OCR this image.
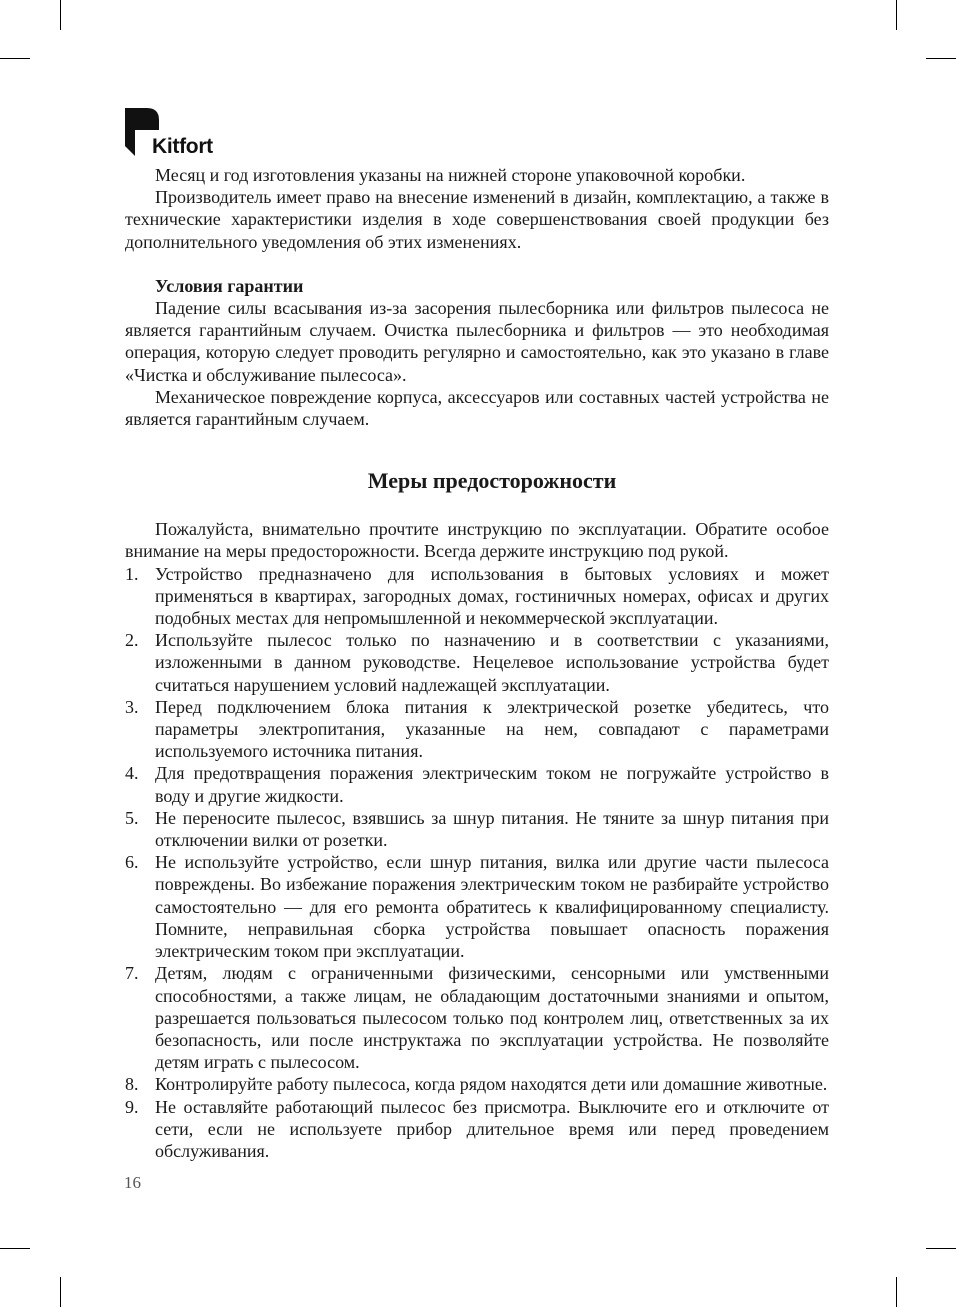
Kitfort

Месяц и год изготовления указаны на нижней стороне упаковочной коробки.

Производитель имеет право на внесение изменений в дизайн, комплектацию, а также в технические характеристики изделия в ходе совершенствования своей продукции без дополнительного уведомления об этих изменениях.

Условия гарантии

Падение силы всасывания из-за засорения пылесборника или фильтров пылесоса не является гарантийным случаем. Очистка пылесборника и фильтров — это необходимая операция, которую следует проводить регулярно и самостоятельно, как это указано в главе «Чистка и обслуживание пылесоса».

Механическое повреждение корпуса, аксессуаров или составных частей устройства не является гарантийным случаем.

Меры предосторожности

Пожалуйста, внимательно прочтите инструкцию по эксплуатации. Обратите особое внимание на меры предосторожности. Всегда держите инструкцию под рукой.

1. Устройство предназначено для использования в бытовых условиях и может применяться в квартирах, загородных домах, гостиничных номерах, офисах и других подобных местах для непромышленной и некоммерческой эксплуатации.
2. Используйте пылесос только по назначению и в соответствии с указаниями, изложенными в данном руководстве. Нецелевое использование устройства будет считаться нарушением условий надлежащей эксплуатации.
3. Перед подключением блока питания к электрической розетке убедитесь, что параметры электропитания, указанные на нем, совпадают с параметрами используемого источника питания.
4. Для предотвращения поражения электрическим током не погружайте устройство в воду и другие жидкости.
5. Не переносите пылесос, взявшись за шнур питания. Не тяните за шнур питания при отключении вилки от розетки.
6. Не используйте устройство, если шнур питания, вилка или другие части пылесоса повреждены. Во избежание поражения электрическим током не разбирайте устройство самостоятельно — для его ремонта обратитесь к квалифицированному специалисту. Помните, неправильная сборка устройства повышает опасность поражения электрическим током при эксплуатации.
7. Детям, людям с ограниченными физическими, сенсорными или умственными способностями, а также лицам, не обладающим достаточными знаниями и опытом, разрешается пользоваться пылесосом только под контролем лиц, ответственных за их безопасность, или после инструктажа по эксплуатации устройства. Не позволяйте детям играть с пылесосом.
8. Контролируйте работу пылесоса, когда рядом находятся дети или домашние животные.
9. Не оставляйте работающий пылесос без присмотра. Выключите его и отключите от сети, если не используете прибор длительное время или перед проведением обслуживания.
16
